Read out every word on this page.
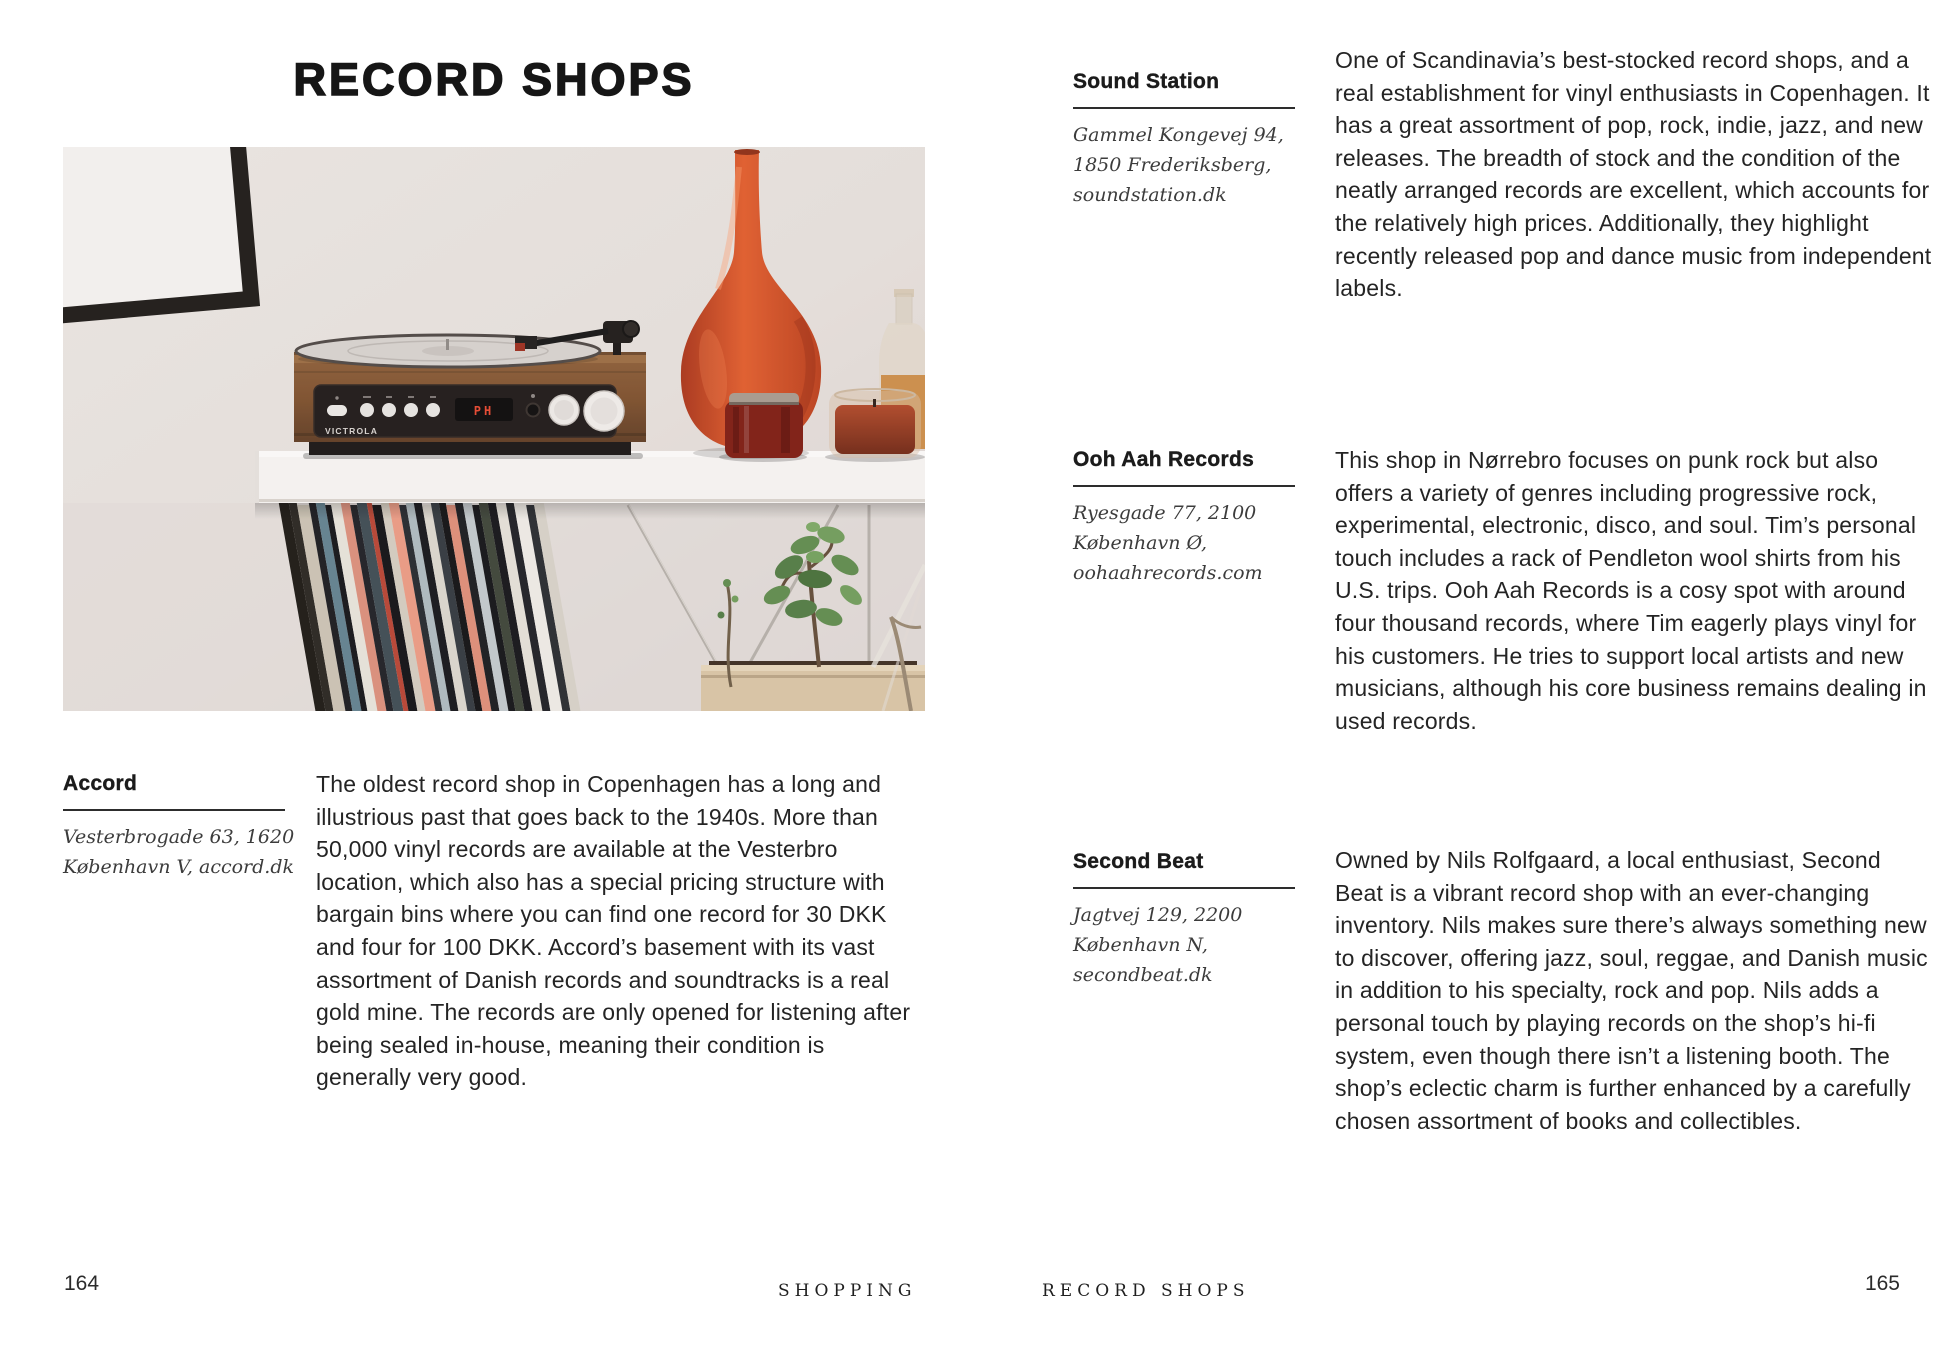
RECORD SHOPS
PH
VICTROLA
Accord
Vesterbrogade 63, 1620
København V, accord.dk
The oldest record shop in Copenhagen has a long and illustrious past that goes back to the 1940s. More than 50,000 vinyl records are available at the Vesterbro location, which also has a special pricing structure with bargain bins where you can find one record for 30 DKK and four for 100 DKK. Accord’s basement with its vast assortment of Danish records and soundtracks is a real gold mine. The records are only opened for listening after being sealed in-house, meaning their condition is generally very good.
164	SHOPPING
Sound Station
Gammel Kongevej 94,
1850 Frederiksberg,
soundstation.dk
One of Scandinavia’s best-stocked record shops, and a real establishment for vinyl enthusiasts in Copenhagen. It has a great assortment of pop, rock, indie, jazz, and new releases. The breadth of stock and the condition of the neatly arranged records are excellent, which accounts for the relatively high prices. Additionally, they highlight recently released pop and dance music from independent labels.
Ooh Aah Records
Ryesgade 77, 2100
København Ø,
oohaahrecords.com
This shop in Nørrebro focuses on punk rock but also offers a variety of genres including progressive rock, experimental, electronic, disco, and soul. Tim’s personal touch includes a rack of Pendleton wool shirts from his U.S. trips. Ooh Aah Records is a cosy spot with around four thousand records, where Tim eagerly plays vinyl for his customers. He tries to support local artists and new musicians, although his core business remains dealing in used records.
Second Beat
Jagtvej 129, 2200
København N,
secondbeat.dk
Owned by Nils Rolfgaard, a local enthusiast, Second Beat is a vibrant record shop with an ever-changing inventory. Nils makes sure there’s always something new to discover, offering jazz, soul, reggae, and Danish music in addition to his specialty, rock and pop. Nils adds a personal touch by playing records on the shop’s hi-fi system, even though there isn’t a listening booth. The shop’s eclectic charm is further enhanced by a carefully chosen assortment of books and collectibles.
RECORD SHOPS	165
